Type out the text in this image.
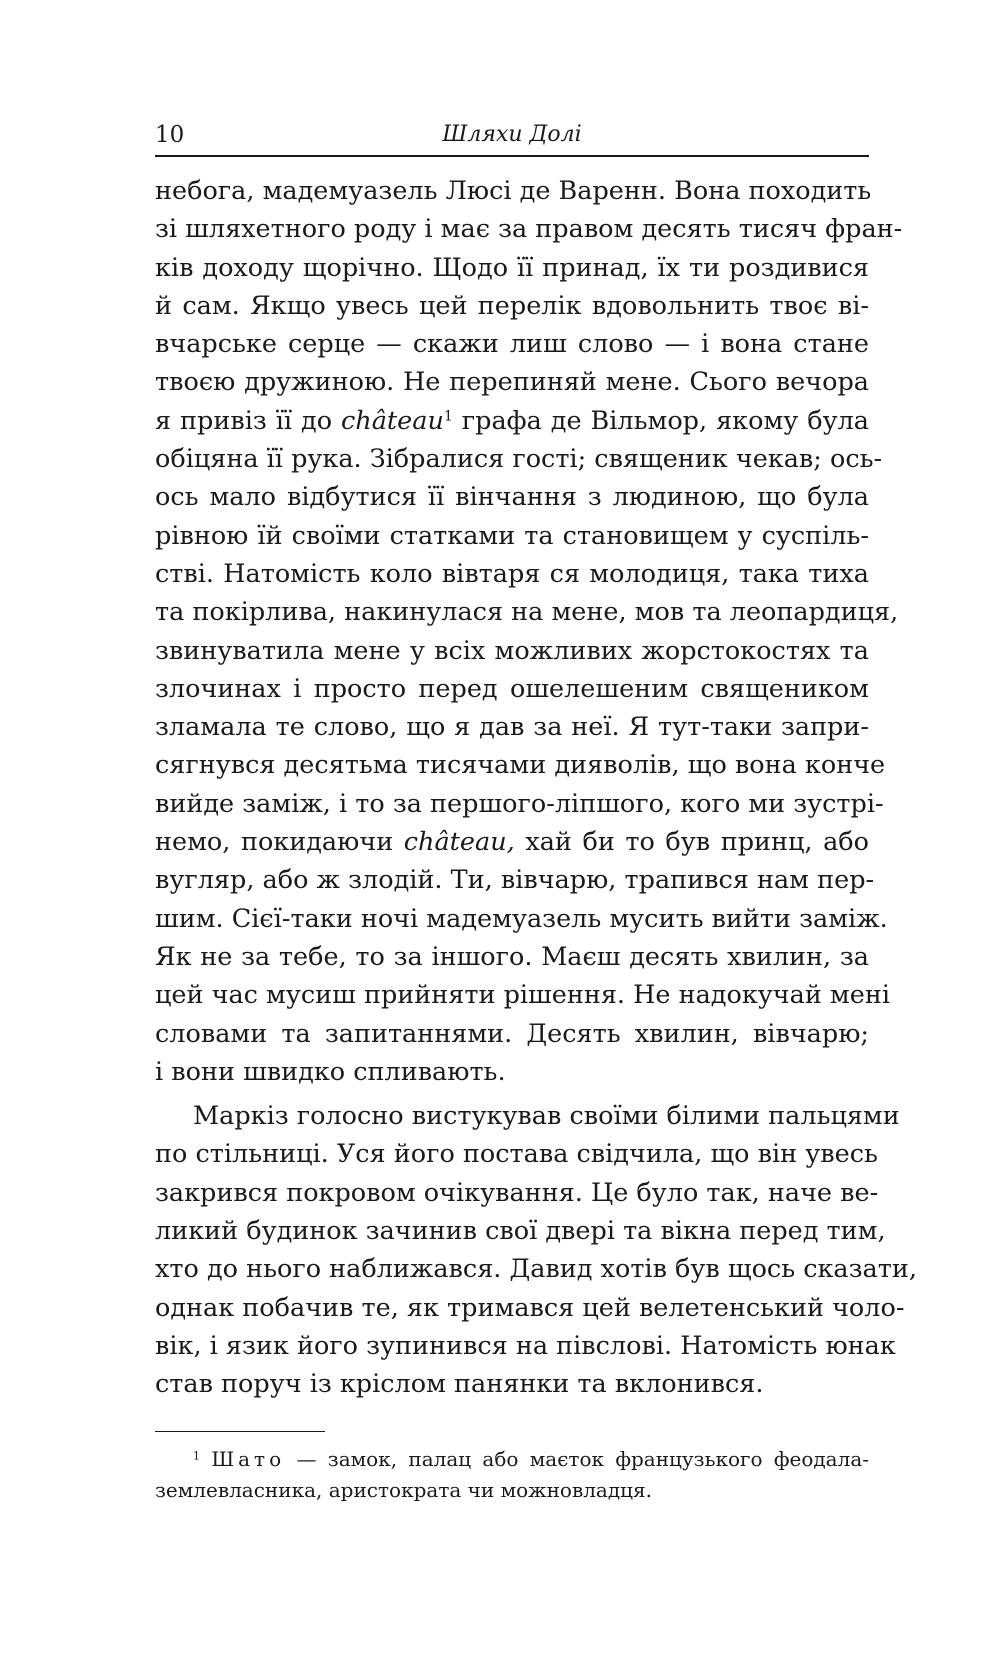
10	Шляхи Долі
небога, мадемуазель Люсі де Варенн. Вона походить
зі шляхетного роду і має за правом десять тисяч фран-
ків доходу щорічно. Щодо її принад, їх ти роздивися
й сам. Якщо увесь цей перелік вдовольнить твоє ві-
вчарське серце — скажи лиш слово — і вона стане
твоєю дружиною. Не перепиняй мене. Сього вечора
я привіз її до château$^1$ графа де Вільмор, якому була
обіцяна її рука. Зібралися гості; священик чекав; ось-
ось мало відбутися її вінчання з людиною, що була
рівною їй своїми статками та становищем у суспіль-
стві. Натомість коло вівтаря ся молодиця, така тиха
та покірлива, накинулася на мене, мов та леопардиця,
звинуватила мене у всіх можливих жорстокостях та
злочинах і просто перед ошелешеним священиком
зламала те слово, що я дав за неї. Я тут-таки запри-
сягнувся десятьма тисячами дияволів, що вона конче
вийде заміж, і то за першого-ліпшого, кого ми зустрі-
немо, покидаючи château, хай би то був принц, або
вугляр, або ж злодій. Ти, вівчарю, трапився нам пер-
шим. Сієї-таки ночі мадемуазель мусить вийти заміж.
Як не за тебе, то за іншого. Маєш десять хвилин, за
цей час мусиш прийняти рішення. Не надокучай мені
словами та запитаннями. Десять хвилин, вівчарю;
і вони швидко спливають.
Маркіз голосно вистукував своїми білими пальцями
по стільниці. Уся його постава свідчила, що він увесь
закрився покровом очікування. Це було так, наче ве-
ликий будинок зачинив свої двері та вікна перед тим,
хто до нього наближався. Давид хотів був щось сказати,
однак побачив те, як тримався цей велетенський чоло-
вік, і язик його зупинився на півслові. Натомість юнак
став поруч із кріслом панянки та вклонився.
$^1$ Шато — замок, палац або маєток французького феодала-
землевласника, аристократа чи можновладця.
